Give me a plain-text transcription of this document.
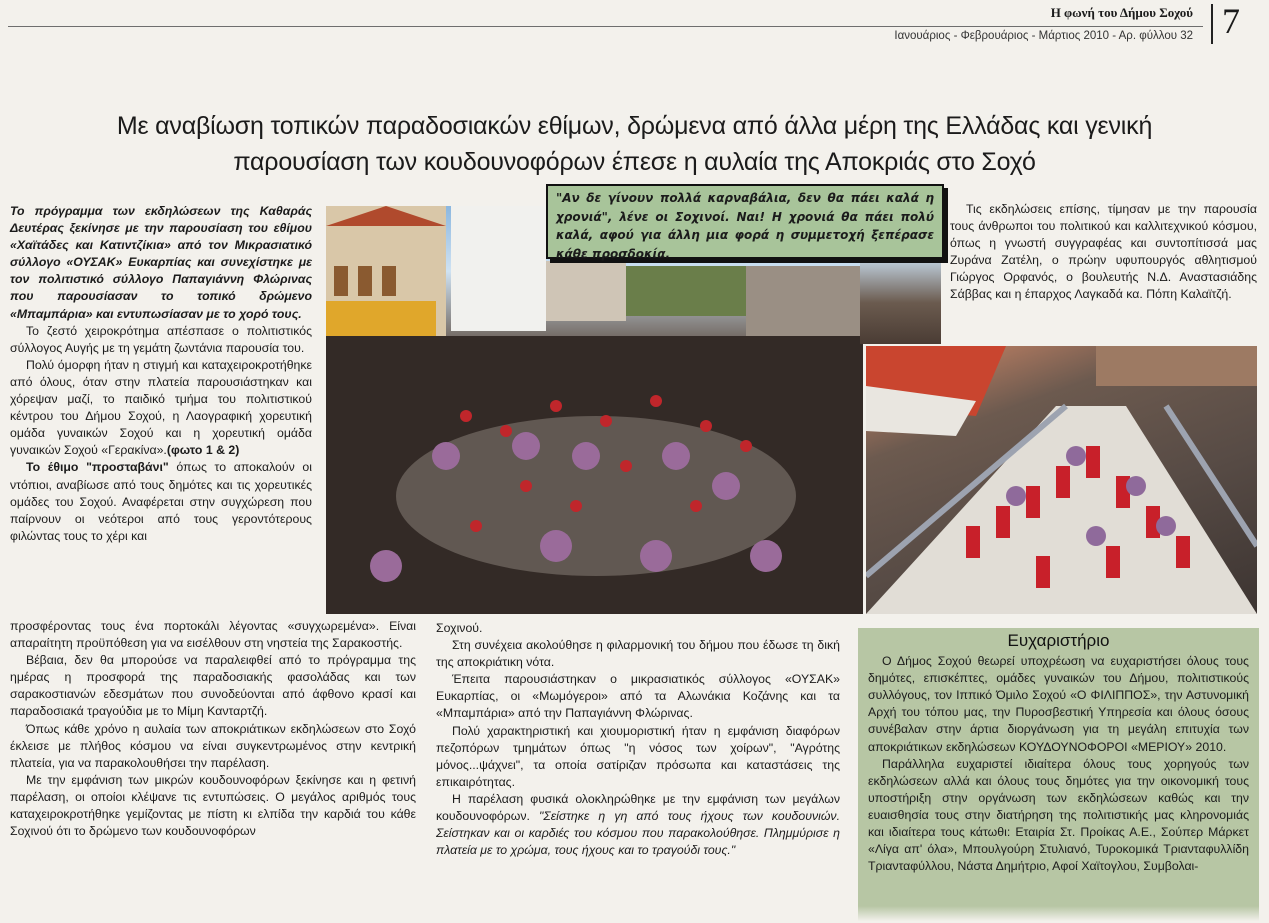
Η φωνή του Δήμου Σοχού
Ιανουάριος - Φεβρουάριος - Μάρτιος 2010 - Αρ. φύλλου 32 7
Με αναβίωση τοπικών παραδοσιακών εθίμων, δρώμενα από άλλα μέρη της Ελλάδας και γενική
παρουσίαση των κουδουνοφόρων έπεσε η αυλαία της Αποκριάς στο Σοχό

Το πρόγραμμα των εκδηλώσεων της Καθαράς Δευτέρας ξεκίνησε με την παρουσίαση του εθίμου «Χαϊτάδες και Κατιντζίκια» από τον Μικρασιατικό σύλλογο «ΟΥΣΑΚ» Ευκαρπίας και συνεχίστηκε με τον πολιτιστικό σύλλογο Παπαγιάννη Φλώρινας που παρουσίασαν το τοπικό δρώμενο «Μπαμπάρια» και εντυπωσίασαν με το χορό τους.

Το ζεστό χειροκρότημα απέσπασε ο πολιτιστικός σύλλογος Αυγής με τη γεμάτη ζωντάνια παρουσία του.

Πολύ όμορφη ήταν η στιγμή και καταχειροκροτήθηκε από όλους, όταν στην πλατεία παρουσιάστηκαν και χόρεψαν μαζί, το παιδικό τμήμα του πολιτιστικού κέντρου του Δήμου Σοχού, η Λαογραφική χορευτική ομάδα γυναικών Σοχού και η χορευτική ομάδα γυναικών Σοχού «Γερακίνα».(φωτο 1 & 2)

Το έθιμο "προσταβάνι" όπως το αποκαλούν οι ντόπιοι, αναβίωσε από τους δημότες και τις χορευτικές ομάδες του Σοχού. Αναφέρεται στην συγχώρεση που παίρνουν οι νεότεροι από τους γεροντότερους φιλώντας τους το χέρι και

"Αν δε γίνουν πολλά καρναβάλια, δεν θα πάει καλά η χρονιά", λένε οι Σοχινοί. Ναι! Η χρονιά θα πάει πολύ καλά, αφού για άλλη μια φορά η συμμετοχή ξεπέρασε κάθε προσδοκία.

Τις εκδηλώσεις επίσης, τίμησαν με την παρουσία τους άνθρωποι του πολιτικού και καλλιτεχνικού κόσμου, όπως η γνωστή συγγραφέας και συντοπίτισσά μας Ζυράνα Ζατέλη, ο πρώην υφυπουργός αθλητισμού Γιώργος Ορφανός, ο βουλευτής Ν.Δ. Αναστασιάδης Σάββας και η έπαρχος Λαγκαδά κα. Πόπη Καλαϊτζή.

προσφέροντας τους ένα πορτοκάλι λέγοντας «συγχωρεμένα». Είναι απαραίτητη προϋπόθεση για να εισέλθουν στη νηστεία της Σαρακοστής.

Βέβαια, δεν θα μπορούσε να παραλειφθεί από το πρόγραμμα της ημέρας η προσφορά της παραδοσιακής φασολάδας και των σαρακοστιανών εδεσμάτων που συνοδεύονται από άφθονο κρασί και παραδοσιακά τραγούδια με το Μίμη Κανταρτζή.

Όπως κάθε χρόνο η αυλαία των αποκριάτικων εκδηλώσεων στο Σοχό έκλεισε με πλήθος κόσμου να είναι συγκεντρωμένος στην κεντρική πλατεία, για να παρακολουθήσει την παρέλαση.

Με την εμφάνιση των μικρών κουδουνοφόρων ξεκίνησε και η φετινή παρέλαση, οι οποίοι κλέψανε τις εντυπώσεις. Ο μεγάλος αριθμός τους καταχειροκροτήθηκε γεμίζοντας με πίστη κι ελπίδα την καρδιά του κάθε Σοχινού ότι το δρώμενο των κουδουνοφόρων

Σοχινού.

Στη συνέχεια ακολούθησε η φιλαρμονική του δήμου που έδωσε τη δική της αποκριάτικη νότα.

Έπειτα παρουσιάστηκαν ο μικρασιατικός σύλλογος «ΟΥΣΑΚ» Ευκαρπίας, οι «Μωμόγεροι» από τα Αλωνάκια Κοζάνης και τα «Μπαμπάρια» από την Παπαγιάννη Φλώρινας.

Πολύ χαρακτηριστική και χιουμοριστική ήταν η εμφάνιση διαφόρων πεζοπόρων τμημάτων όπως "η νόσος των χοίρων", "Αγρότης μόνος...ψάχνει", τα οποία σατίριζαν πρόσωπα και καταστάσεις της επικαιρότητας.

Η παρέλαση φυσικά ολοκληρώθηκε με την εμφάνιση των μεγάλων κουδουνοφόρων. "Σείστηκε η γη από τους ήχους των κουδουνιών. Σείστηκαν και οι καρδιές του κόσμου που παρακολούθησε. Πλημμύρισε η πλατεία με το χρώμα, τους ήχους και το τραγούδι τους."

Ευχαριστήριο

Ο Δήμος Σοχού θεωρεί υποχρέωση να ευχαριστήσει όλους τους δημότες, επισκέπτες, ομάδες γυναικών του Δήμου, πολιτιστικούς συλλόγους, τον Ιππικό Όμιλο Σοχού «Ο ΦΙΛΙΠΠΟΣ», την Αστυνομική Αρχή του τόπου μας, την Πυροσβεστική Υπηρεσία και όλους όσους συνέβαλαν στην άρτια διοργάνωση για τη μεγάλη επιτυχία των αποκριάτικων εκδηλώσεων ΚΟΥΔΟΥΝΟΦΟΡΟΙ «ΜΕΡΙΟΥ» 2010.

Παράλληλα ευχαριστεί ιδιαίτερα όλους τους χορηγούς των εκδηλώσεων αλλά και όλους τους δημότες για την οικονομική τους υποστήριξη στην οργάνωση των εκδηλώσεων καθώς και την ευαισθησία τους στην διατήρηση της πολιτιστικής μας κληρονομιάς και ιδιαίτερα τους κάτωθι: Εταιρία Στ. Προίκας Α.Ε., Σούπερ Μάρκετ «Λίγα απ' όλα», Μπουλγούρη Στυλιανό, Τυροκομικά Τριανταφυλλίδη Τριανταφύλλου, Νάστα Δημήτριο, Αφοί Χαϊτογλου, Συμβολαι-
